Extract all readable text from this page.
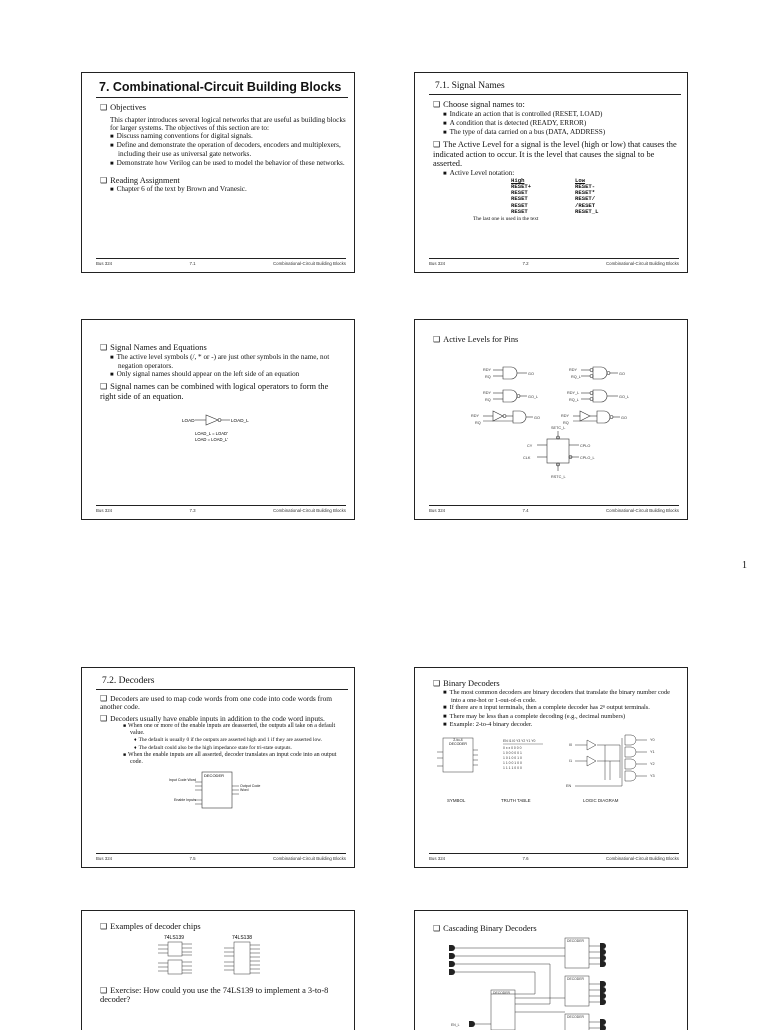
7. Combinational-Circuit Building Blocks
❑ Objectives
This chapter introduces several logical networks that are useful as building blocks for larger systems. The objectives of this section are to:
■ Discuss naming conventions for digital signals.
■ Define and demonstrate the operation of decoders, encoders and multiplexers, including their use as universal gate networks.
■ Demonstrate how Verilog can be used to model the behavior of these networks.
❑ Reading Assignment
■ Chapter 6 of the text by Brown and Vranesic.
Bus 324	7.1	Combinational-Circuit Building Blocks
7.1. Signal Names
❑ Choose signal names to:
■ Indicate an action that is controlled (RESET, LOAD)
■ A condition that is detected (READY, ERROR)
■ The type of data carried on a bus (DATA, ADDRESS)
❑ The Active Level for a signal is the level (high or low) that causes the indicated action to occur. It is the level that causes the signal to be asserted.
■ Active Level notation:
High	Low
RESET+	RESET-
RESET	RESET*
RESET	RESET/
RESET	/RESET
RESET	RESET_L
The last one is used in the text
Bus 324	7.2	Combinational-Circuit Building Blocks
❑ Signal Names and Equations
■ The active level symbols (/, * or -) are just other symbols in the name, not negation operators.
■ Only signal names should appear on the left side of an equation
❑ Signal names can be combined with logical operators to form the right side of an equation.
LOAD	LOAD_L
LOAD_L = LOAD'
LOAD = LOAD_L'
Bus 324	7.3	Combinational-Circuit Building Blocks
❑ Active Levels for Pins
RDY
RQ
GO
RDY
RQ_L
GO
RDY
RQ
GO_L
RDY_L
RQ_L
GO_L
RDY
RQ
GO	RDY
RQ
GO
SETC_L
CY
CLK
CPLO
CPLO_L
RSTC_L
Bus 324	7.4	Combinational-Circuit Building Blocks
1
7.2. Decoders
❑ Decoders are used to map code words from one code into code words from another code.
❑ Decoders usually have enable inputs in addition to the code word inputs.
■ When one or more of the enable inputs are deasserted, the outputs all take on a default value.
♦ The default is usually 0 if the outputs are asserted high and 1 if they are asserted low.
♦ The default could also be the high impedance state for tri-state outputs.
■ When the enable inputs are all asserted, decoder translates an input code into an output code.
DECODER
Input Code Word
Enable Inputs
Output Code Word
Bus 324	7.5	Combinational-Circuit Building Blocks
❑ Binary Decoders
■ The most common decoders are binary decoders that translate the binary number code into a one-hot or 1-out-of-n code.
■ If there are n input terminals, then a complete decoder has 2ⁿ output terminals.
■ There may be less than a complete decoding (e.g., decimal numbers)
■ Example: 2-to-4 binary decoder.
2-to-4 DECODER
EN I1 I0 Y3 Y2 Y1 Y0
0 x x 0 0 0 0
1 0 0 0 0 0 1
1 0 1 0 0 1 0
1 1 0 0 1 0 0
1 1 1 1 0 0 0
Y0
Y1
Y2
Y3
I0
I1
EN
SYMBOL	TRUTH TABLE	LOGIC DIAGRAM
Bus 324	7.6	Combinational-Circuit Building Blocks
❑ Examples of decoder chips
74LS139	74LS138
❑ Exercise: How could you use the 74LS139 to implement a 3-to-8 decoder?
❑ Cascading Binary Decoders
DECODER
DECODER
DECODER
DECODER
EN_L
